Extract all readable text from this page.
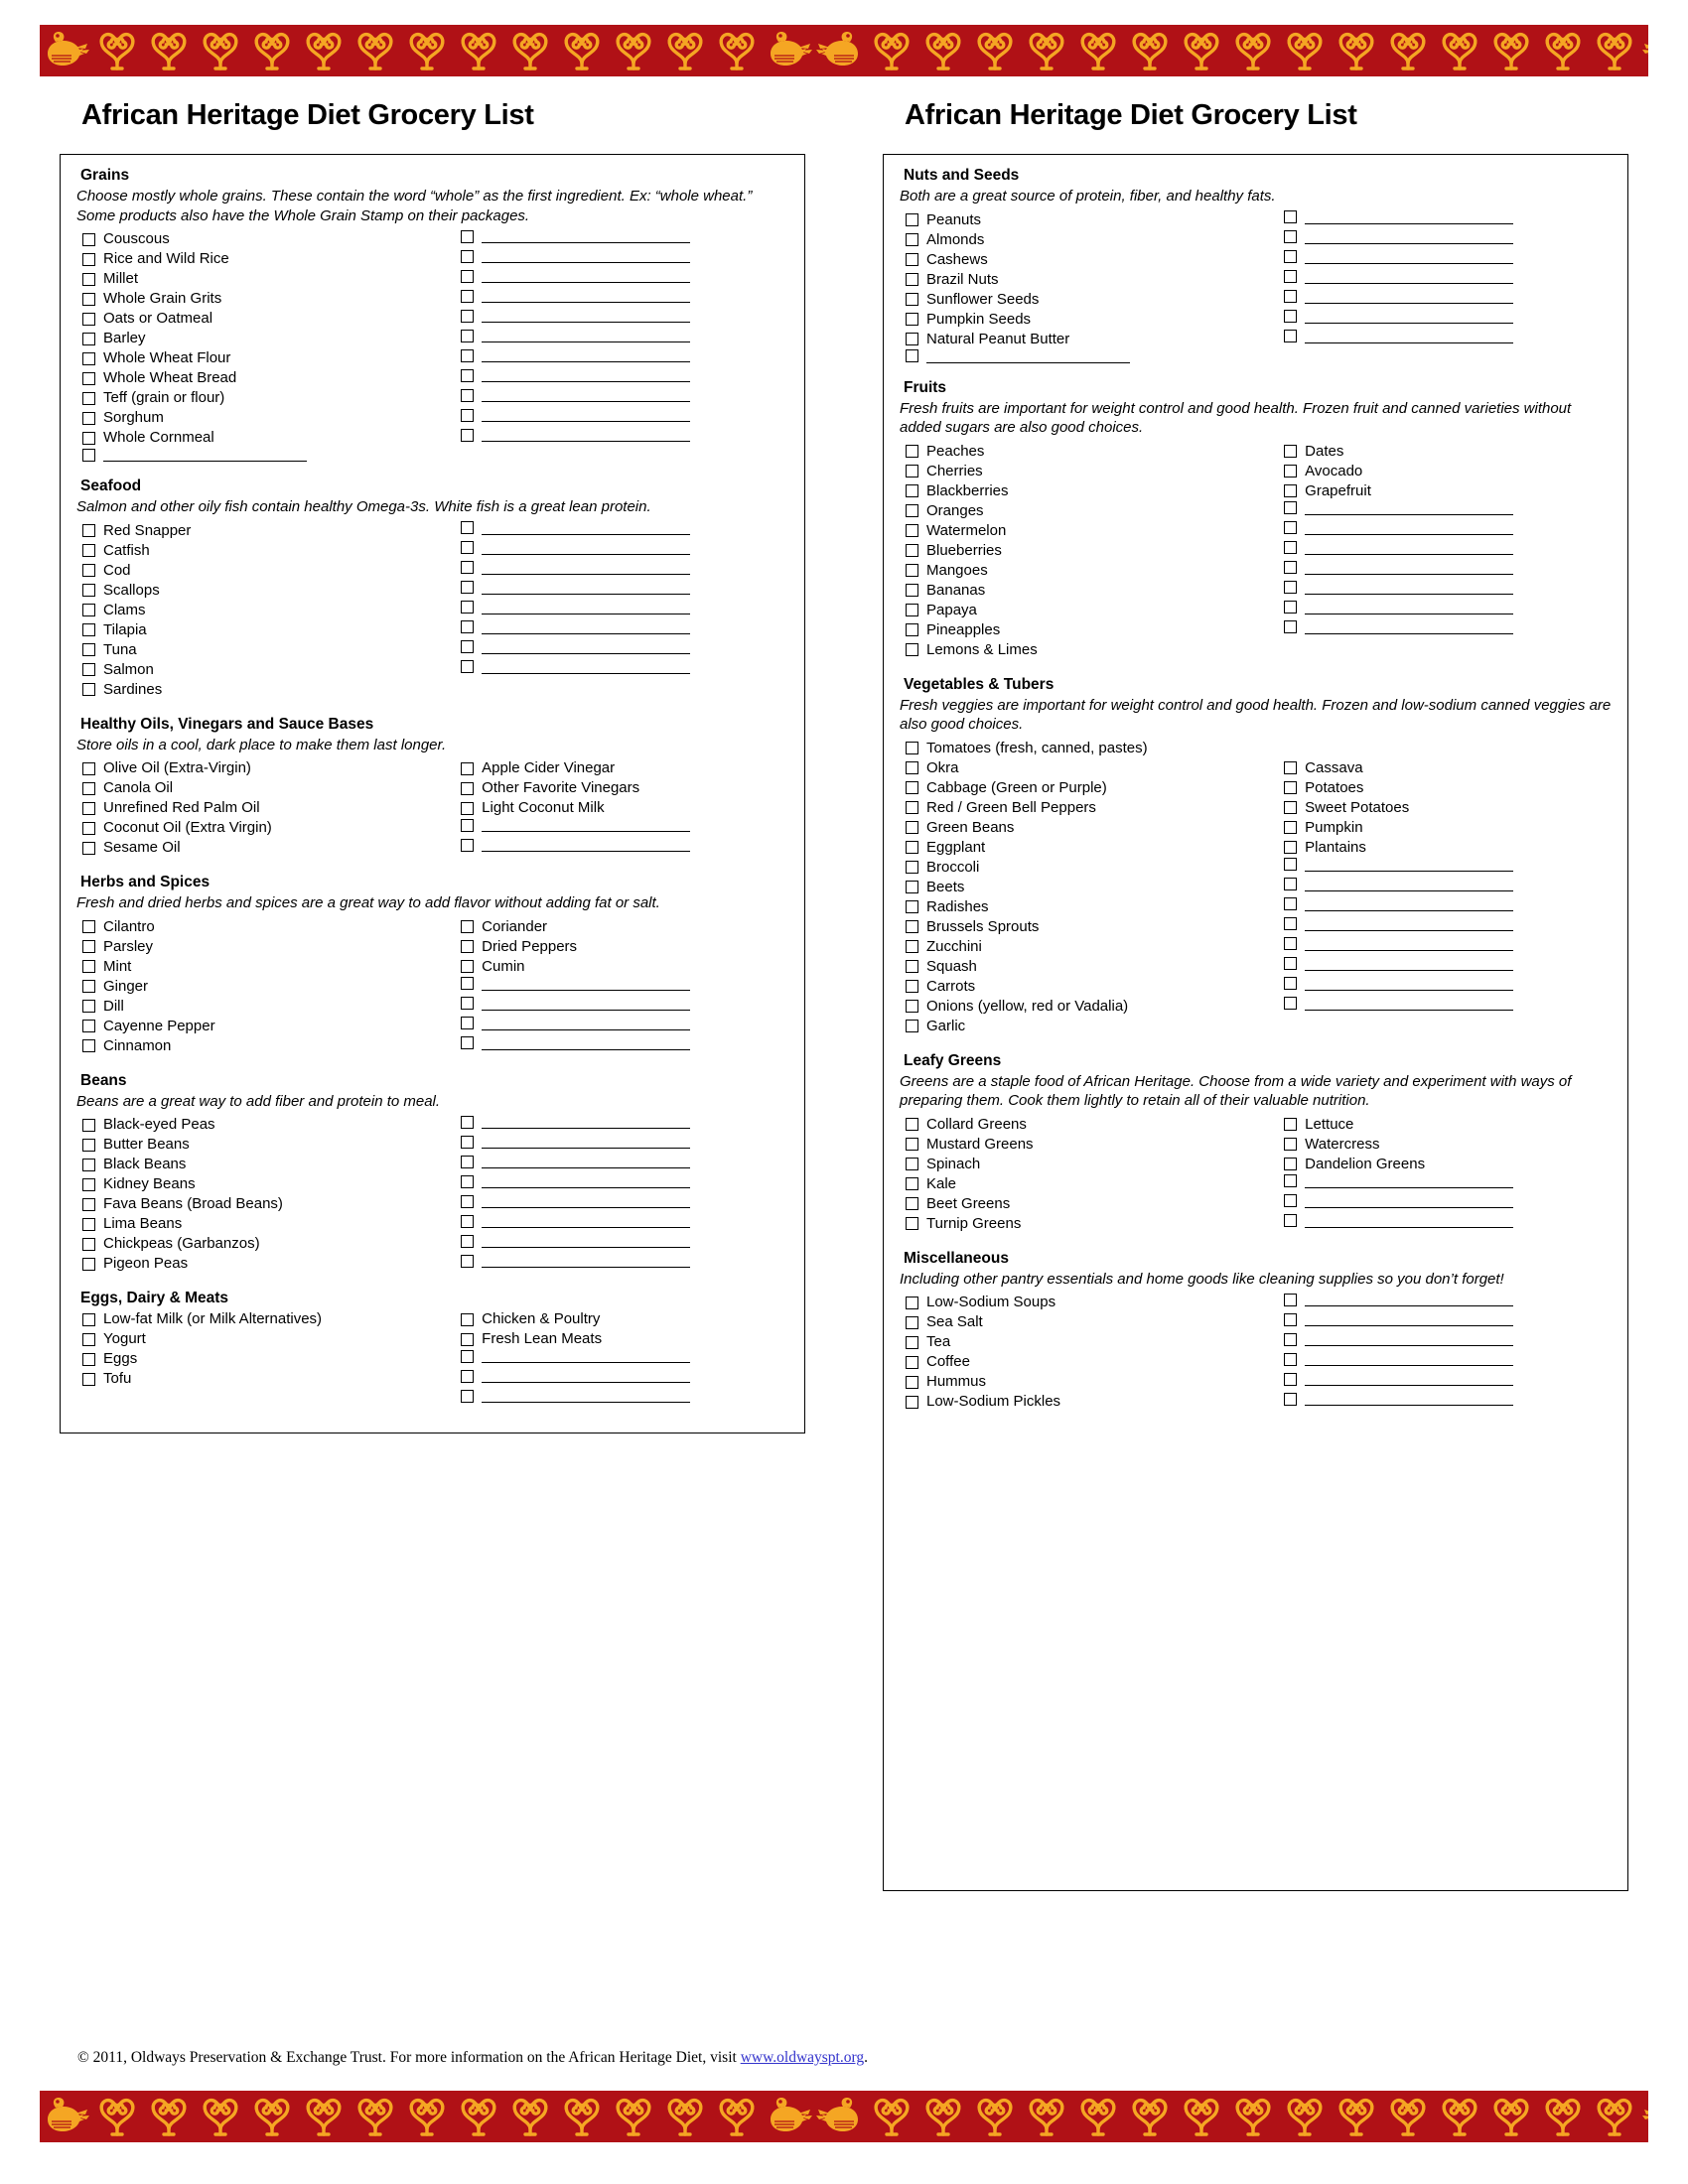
African Heritage Diet Grocery List
Grains
Choose mostly whole grains. These contain the word “whole” as the first ingredient. Ex: “whole wheat.” Some products also have the Whole Grain Stamp on their packages.
Couscous
Rice and Wild Rice
Millet
Whole Grain Grits
Oats or Oatmeal
Barley
Whole Wheat Flour
Whole Wheat Bread
Teff (grain or flour)
Sorghum
Whole Cornmeal
Seafood
Salmon and other oily fish contain healthy Omega-3s. White fish is a great lean protein.
Red Snapper
Catfish
Cod
Scallops
Clams
Tilapia
Tuna
Salmon
Sardines
Healthy Oils, Vinegars and Sauce Bases
Store oils in a cool, dark place to make them last longer.
Olive Oil (Extra-Virgin)	Apple Cider Vinegar
Canola Oil	Other Favorite Vinegars
Unrefined Red Palm Oil	Light Coconut Milk
Coconut Oil (Extra Virgin)
Sesame Oil
Herbs and Spices
Fresh and dried herbs and spices are a great way to add flavor without adding fat or salt.
Cilantro	Coriander
Parsley	Dried Peppers
Mint	Cumin
Ginger
Dill
Cayenne Pepper
Cinnamon
Beans
Beans are a great way to add fiber and protein to meal.
Black-eyed Peas
Butter Beans
Black Beans
Kidney Beans
Fava Beans (Broad Beans)
Lima Beans
Chickpeas (Garbanzos)
Pigeon Peas
Eggs, Dairy & Meats
Low-fat Milk (or Milk Alternatives)	Chicken & Poultry
Yogurt	Fresh Lean Meats
Eggs
Tofu
African Heritage Diet Grocery List
Nuts and Seeds
Both are a great source of protein, fiber, and healthy fats.
Peanuts
Almonds
Cashews
Brazil Nuts
Sunflower Seeds
Pumpkin Seeds
Natural Peanut Butter
Fruits
Fresh fruits are important for weight control and good health. Frozen fruit and canned varieties without added sugars are also good choices.
Peaches	Dates
Cherries	Avocado
Blackberries	Grapefruit
Oranges
Watermelon
Blueberries
Mangoes
Bananas
Papaya
Pineapples
Lemons & Limes
Vegetables & Tubers
Fresh veggies are important for weight control and good health. Frozen and low-sodium canned veggies are also good choices.
Tomatoes (fresh, canned, pastes)
Okra	Cassava
Cabbage (Green or Purple)	Potatoes
Red / Green Bell Peppers	Sweet Potatoes
Green Beans	Pumpkin
Eggplant	Plantains
Broccoli
Beets
Radishes
Brussels Sprouts
Zucchini
Squash
Carrots
Onions (yellow, red or Vadalia)
Garlic
Leafy Greens
Greens are a staple food of African Heritage. Choose from a wide variety and experiment with ways of preparing them. Cook them lightly to retain all of their valuable nutrition.
Collard Greens	Lettuce
Mustard Greens	Watercress
Spinach	Dandelion Greens
Kale
Beet Greens
Turnip Greens
Miscellaneous
Including other pantry essentials and home goods like cleaning supplies so you don’t forget!
Low-Sodium Soups
Sea Salt
Tea
Coffee
Hummus
Low-Sodium Pickles
© 2011, Oldways Preservation & Exchange Trust. For more information on the African Heritage Diet, visit www.oldwayspt.org.
